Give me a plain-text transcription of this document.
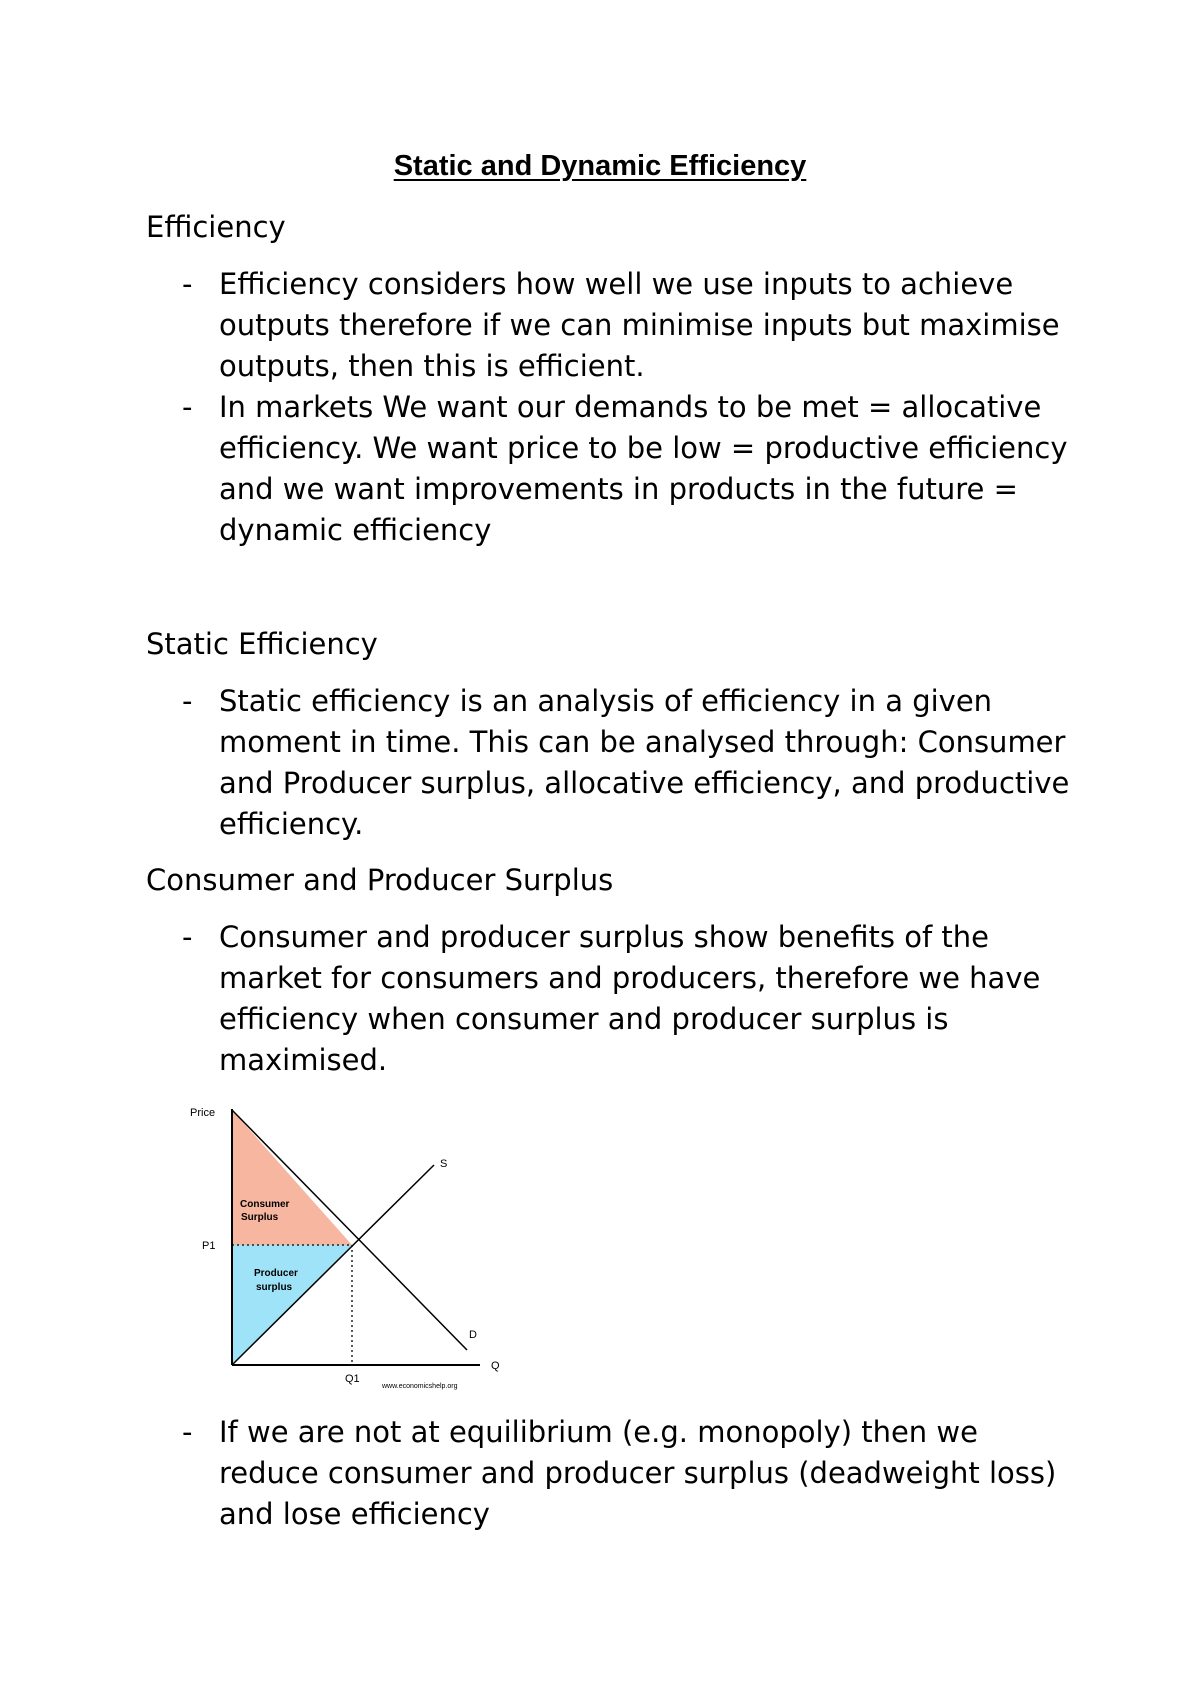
Static and Dynamic Efficiency
Efficiency

- Efficiency considers how well we use inputs to achieve outputs therefore if we can minimise inputs but maximise outputs, then this is efficient.

- In markets We want our demands to be met = allocative efficiency. We want price to be low = productive efficiency and we want improvements in products in the future = dynamic efficiency

Static Efficiency

- Static efficiency is an analysis of efficiency in a given moment in time. This can be analysed through: Consumer and Producer surplus, allocative efficiency, and productive efficiency.

Consumer and Producer Surplus

- Consumer and producer surplus show benefits of the market for consumers and producers, therefore we have efficiency when consumer and producer surplus is maximised.

Price
P1
Q1
Q
S
D
Consumer
Surplus
Producer
surplus
www.economicshelp.org

- If we are not at equilibrium (e.g. monopoly) then we reduce consumer and producer surplus (deadweight loss) and lose efficiency
